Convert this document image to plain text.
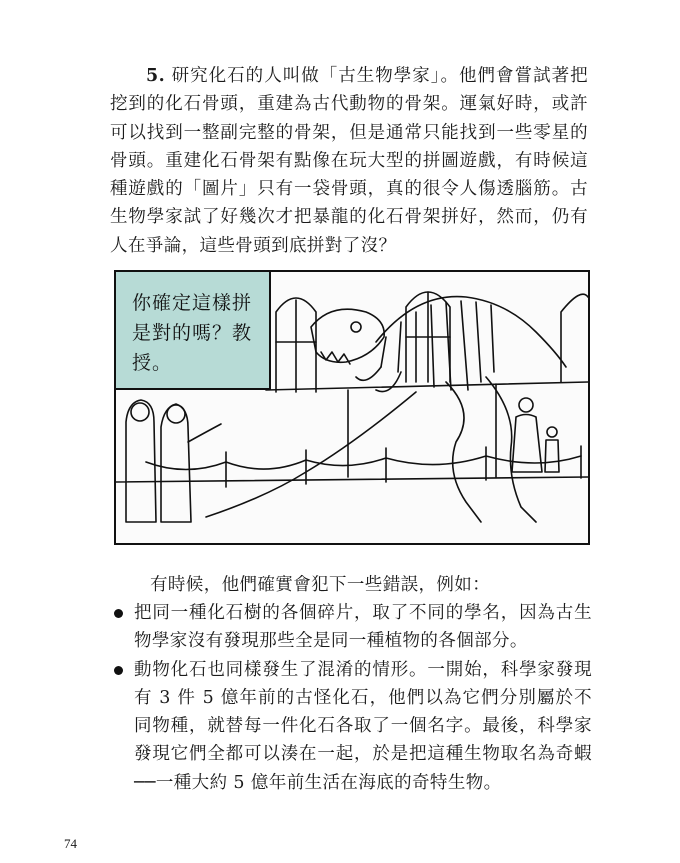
5. 研究化石的人叫做「古生物學家」。他們會嘗試著把挖到的化石骨頭，重建為古代動物的骨架。運氣好時，或許可以找到一整副完整的骨架，但是通常只能找到一些零星的骨頭。重建化石骨架有點像在玩大型的拼圖遊戲，有時候這種遊戲的「圖片」只有一袋骨頭，真的很令人傷透腦筋。古生物學家試了好幾次才把暴龍的化石骨架拼好，然而，仍有人在爭論，這些骨頭到底拼對了沒？

你確定這樣拼是對的嗎？教授。

有時候，他們確實會犯下一些錯誤，例如：

把同一種化石樹的各個碎片，取了不同的學名，因為古生物學家沒有發現那些全是同一種植物的各個部分。
動物化石也同樣發生了混淆的情形。一開始，科學家發現有 3 件 5 億年前的古怪化石，他們以為它們分別屬於不同物種，就替每一件化石各取了一個名字。最後，科學家發現它們全都可以湊在一起，於是把這種生物取名為奇蝦──一種大約 5 億年前生活在海底的奇特生物。
74
